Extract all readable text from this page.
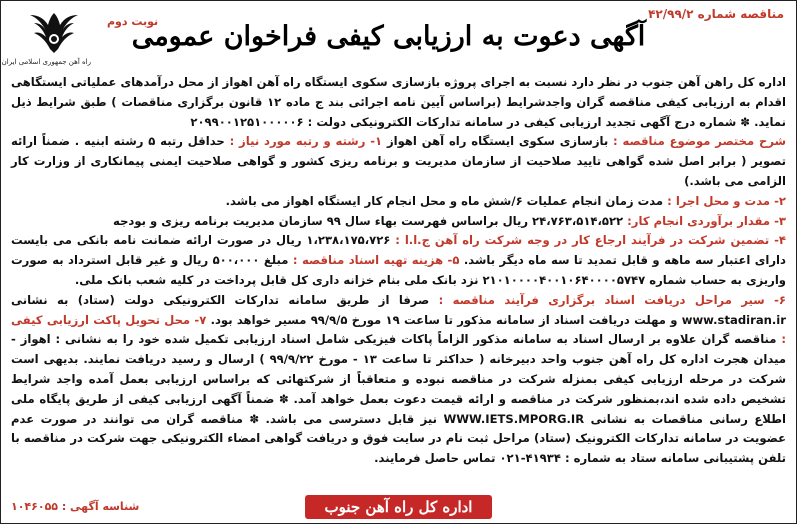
مناقصه شماره ۴۲/۹۹/۲
آگهی دعوت به ارزیابی کیفی فراخوان عمومی
نوبت دوم
راه آهن جمهوری اسلامی ایران
اداره کل راهن آهن جنوب در نظر دارد نسبت به اجرای پروژه بازسازی سکوی ایستگاه راه آهن اهواز از محل درآمدهای عملیاتی ایستگاهی اقدام به ارزیابی کیفی مناقصه گران واجدشرایط (براساس آیین نامه اجرائی بند ج ماده ۱۲ قانون برگزاری مناقصات ) طبق شرایط ذیل نماید. ✽ شماره درج آگهی تجدید ارزیابی کیفی در سامانه تدارکات الکترونیکی دولت : ۲۰۹۹۰۰۱۲۵۱۰۰۰۰۰۶
شرح مختصر موضوع مناقصه : بازسازی سکوی ایستگاه راه آهن اهواز ۱- رشته و رتبه مورد نیاز : حداقل رتبه ۵ رشته ابنیه . ضمناً ارائه تصویر ( برابر اصل شده گواهی تایید صلاحیت از سازمان مدیریت و برنامه ریزی کشور و گواهی صلاحیت ایمنی پیمانکاری از وزارت کار الزامی می باشد.)
۲- مدت و محل اجرا : مدت زمان انجام عملیات ۶/شش ماه و محل انجام کار ایستگاه اهواز می باشد.
۳- مقدار برآوردی انجام کار: ۲۴،۷۶۳،۵۱۴،۵۲۲ ریال براساس فهرست بهاء سال ۹۹ سازمان مدیریت برنامه ریزی و بودجه
۴- تضمین شرکت در فرآیند ارجاع کار در وجه شرکت راه آهن ج.ا.ا : ۱،۲۳۸،۱۷۵،۷۲۶ ریال در صورت ارائه ضمانت نامه بانکی می بایست دارای اعتبار سه ماهه و قابل تمدید تا سه ماه دیگر باشد. ۵- هزینه تهیه اسناد مناقصه : مبلغ ۵۰۰،۰۰۰ ریال و غیر قابل استرداد به صورت واریزی به حساب شماره ۲۱۰۱۰۰۰۰۴۰۰۱۰۶۴۰۰۰۰۵۷۴۷ نزد بانک ملی بنام خزانه داری کل قابل پرداخت در کلیه شعب بانک ملی.
۶- سیر مراحل دریافت اسناد برگزاری فرآیند مناقصه : صرفا از طریق سامانه تدارکات الکترونیکی دولت (ستاد) به نشانی www.stadiran.ir و مهلت دریافت اسناد از سامانه مذکور تا ساعت ۱۹ مورخ ۹۹/۹/۵ مسیر خواهد بود. ۷- محل تحویل پاکت ارزیابی کیفی : مناقصه گران علاوه بر ارسال اسناد به سامانه مذکور الزاماً پاکات فیزیکی شامل اسناد ارزیابی تکمیل شده خود را به نشانی : اهواز - میدان هجرت اداره کل راه آهن جنوب واحد دبیرخانه ( حداکثر تا ساعت ۱۳ - مورخ ۹۹/۹/۲۲ ) ارسال و رسید دریافت نمایند. بدیهی است شرکت در مرحله ارزیابی کیفی بمنزله شرکت در مناقصه نبوده و متعاقباً از شرکتهائی که براساس ارزیابی بعمل آمده واجد شرایط تشخیص داده شده اند،بمنظور شرکت در مناقصه و ارائه قیمت دعوت بعمل خواهد آمد. ✽ ضمناً آگهی ارزیابی کیفی از طریق پایگاه ملی اطلاع رسانی مناقصات به نشانی WWW.IETS.MPORG.IR نیز قابل دسترسی می باشد. ✽ مناقصه گران می توانند در صورت عدم عضویت در سامانه تدارکات الکترونیک (ستاد) مراحل ثبت نام در سایت فوق و دریافت گواهی امضاء الکترونیکی جهت شرکت در مناقصه با تلفن پشتیبانی سامانه ستاد به شماره : ۴۱۹۳۴-۰۲۱ تماس حاصل فرمایند.
اداره کل راه آهن جنوب
شناسه آگهی : ۱۰۴۶۰۵۵
